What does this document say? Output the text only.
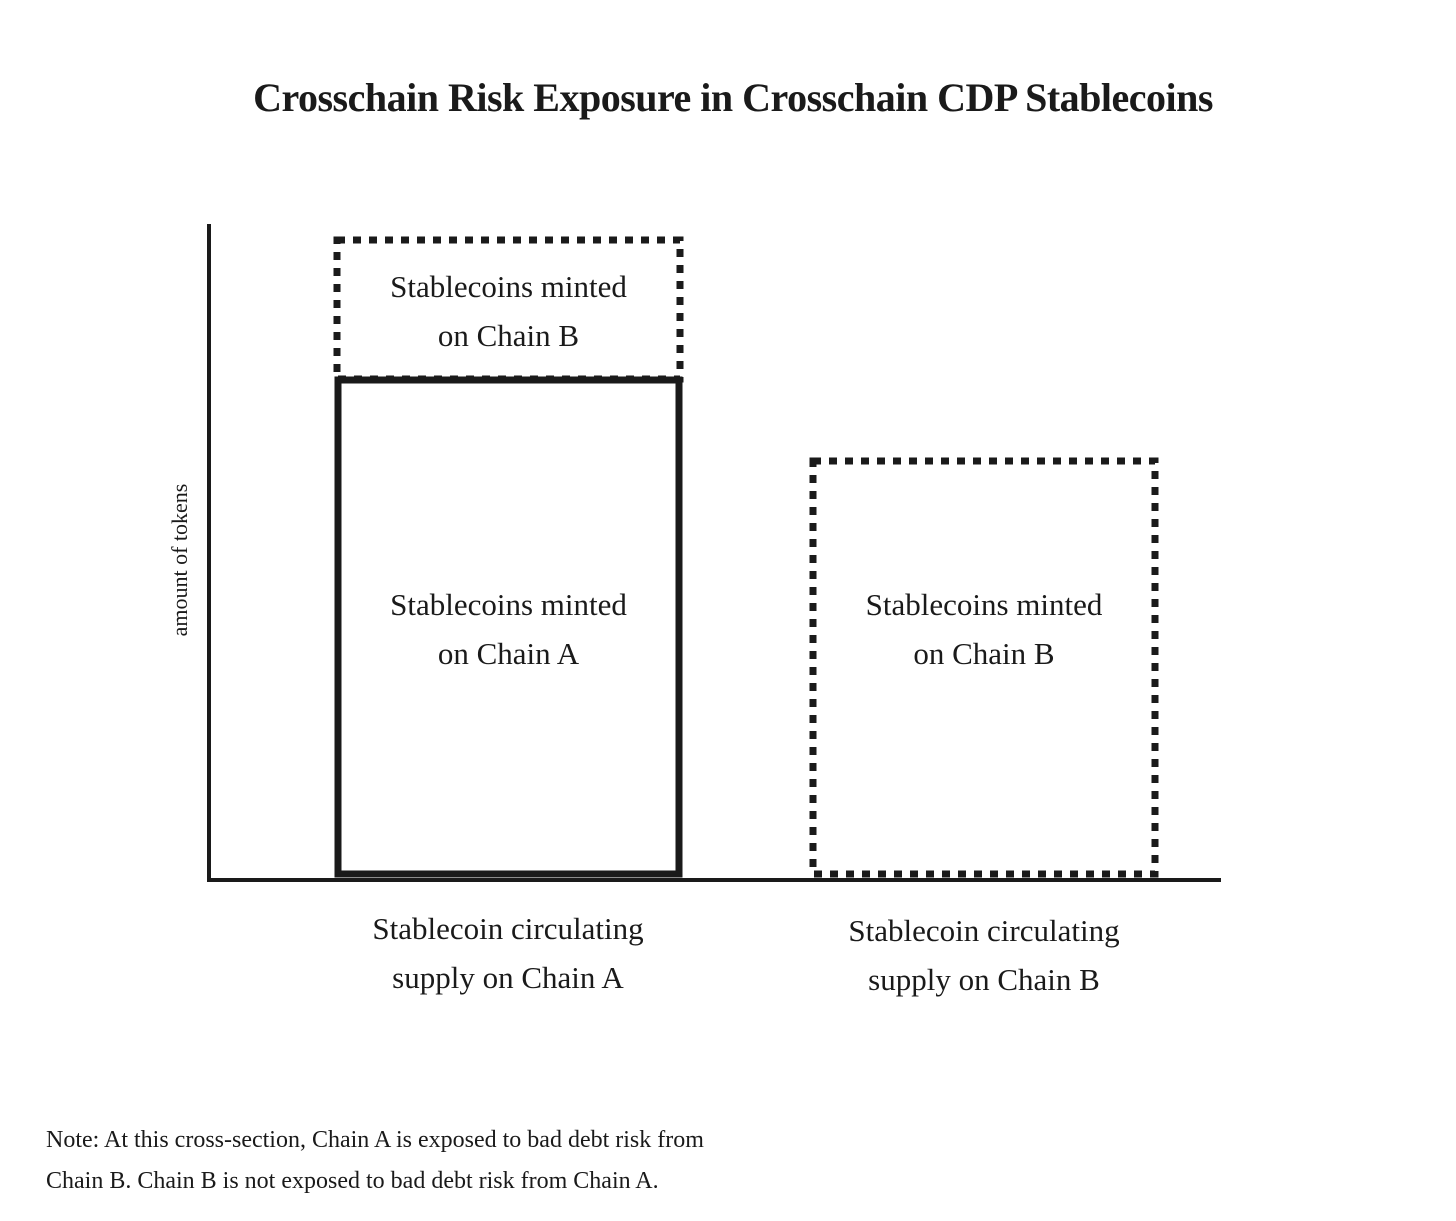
Crosschain Risk Exposure in Crosschain CDP Stablecoins
amount of tokens
Stablecoins minted
on Chain B
Stablecoins minted
on Chain A
Stablecoins minted
on Chain B
Stablecoin circulating
supply on Chain A
Stablecoin circulating
supply on Chain B
Note: At this cross-section, Chain A is exposed to bad debt risk from
Chain B. Chain B is not exposed to bad debt risk from Chain A.
